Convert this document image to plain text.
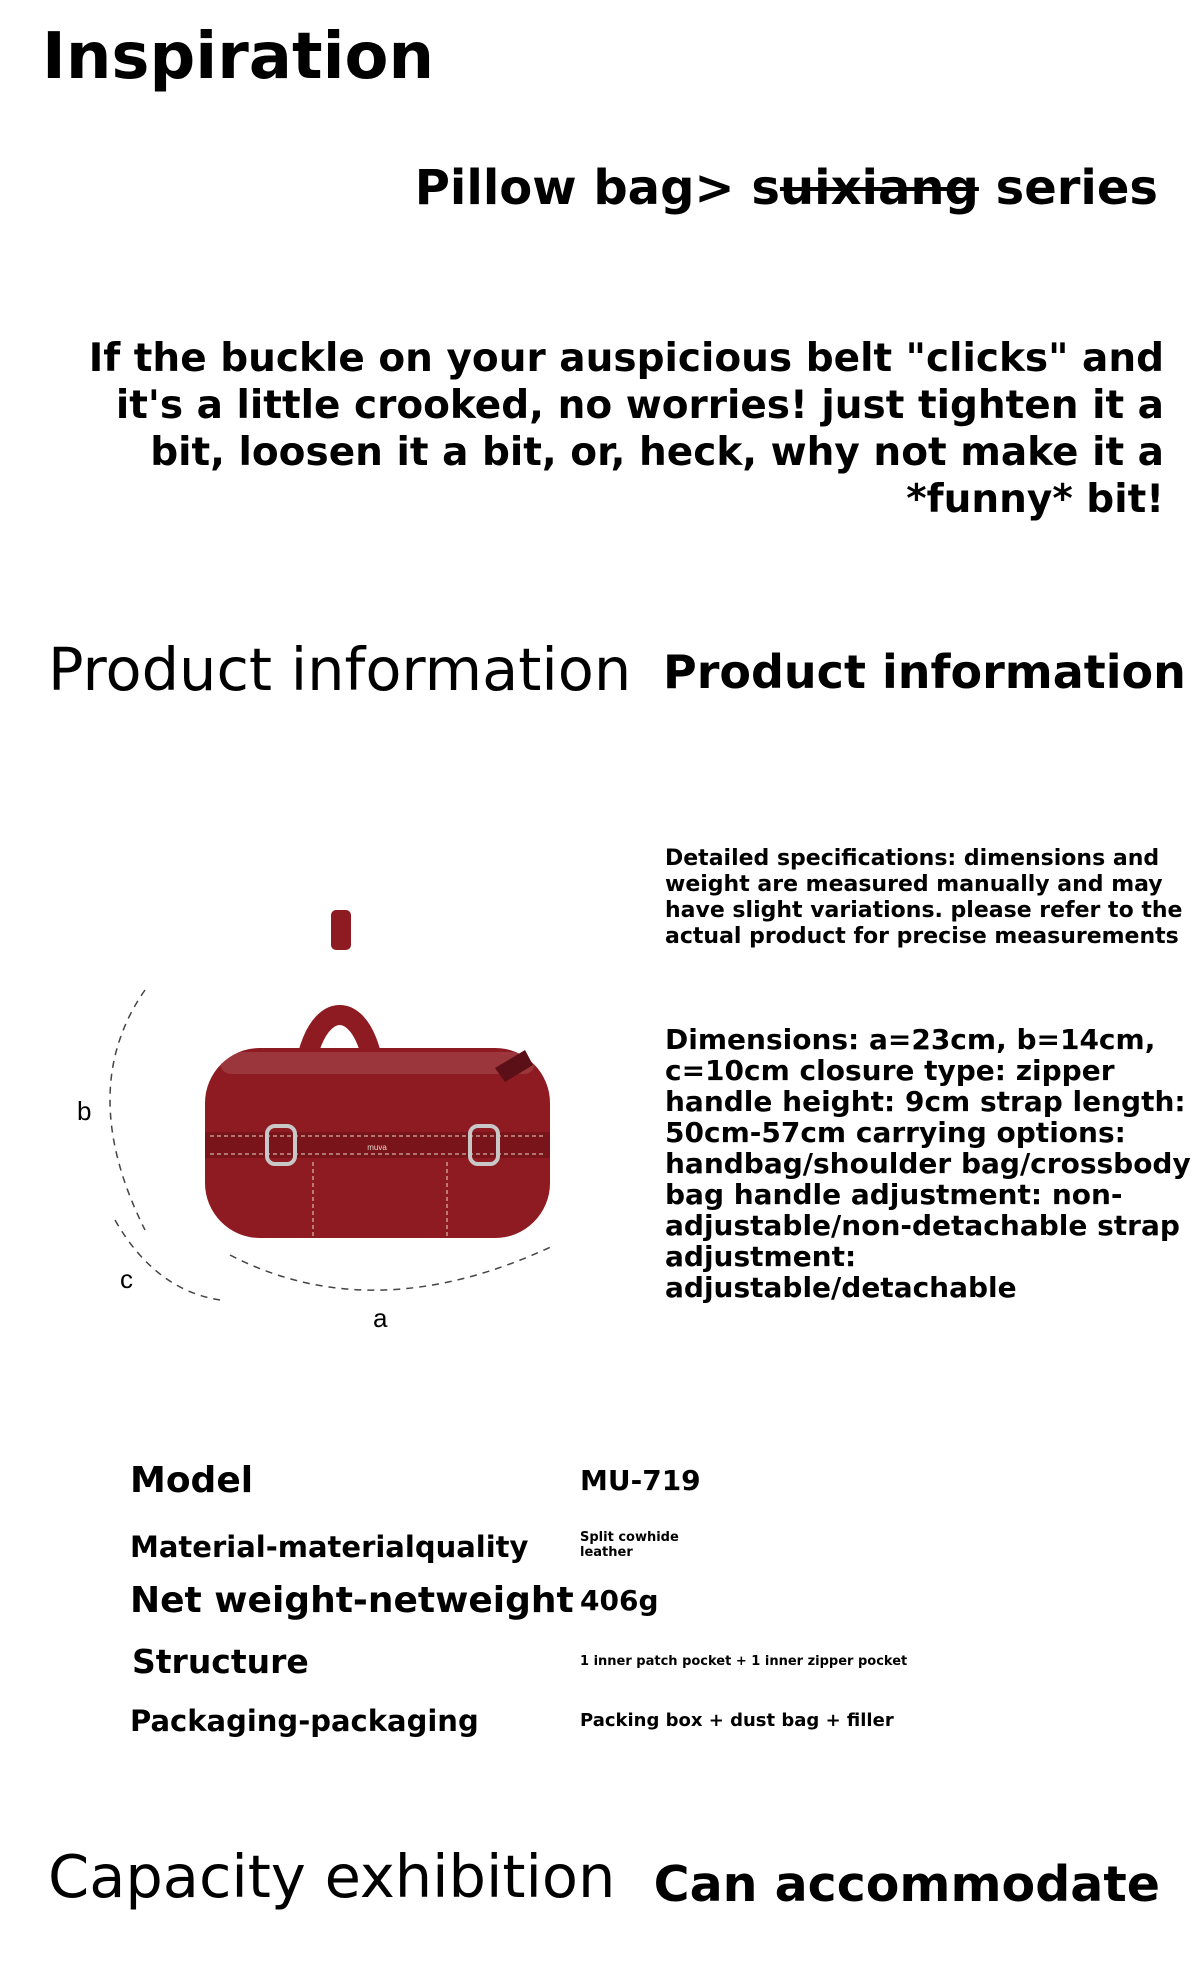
Inspiration
Pillow bag> suixiang series
If the buckle on your auspicious belt "clicks" and it's a little crooked, no worries! just tighten it a bit, loosen it a bit, or, heck, why not make it a *funny* bit!
Product information Product information
muva
b
c
a
Detailed specifications: dimensions and weight are measured manually and may have slight variations. please refer to the actual product for precise measurements
Dimensions: a=23cm, b=14cm, c=10cm closure type: zipper handle height: 9cm strap length: 50cm-57cm carrying options: handbag/shoulder bag/crossbody bag handle adjustment: non-adjustable/non-detachable strap adjustment: adjustable/detachable
Model	MU-719
Material-materialquality	Split cowhide leather
Net weight-netweight 406g
Structure	1 inner patch pocket + 1 inner zipper pocket
Packaging-packaging	Packing box + dust bag + filler
Capacity exhibition Can accommodate
